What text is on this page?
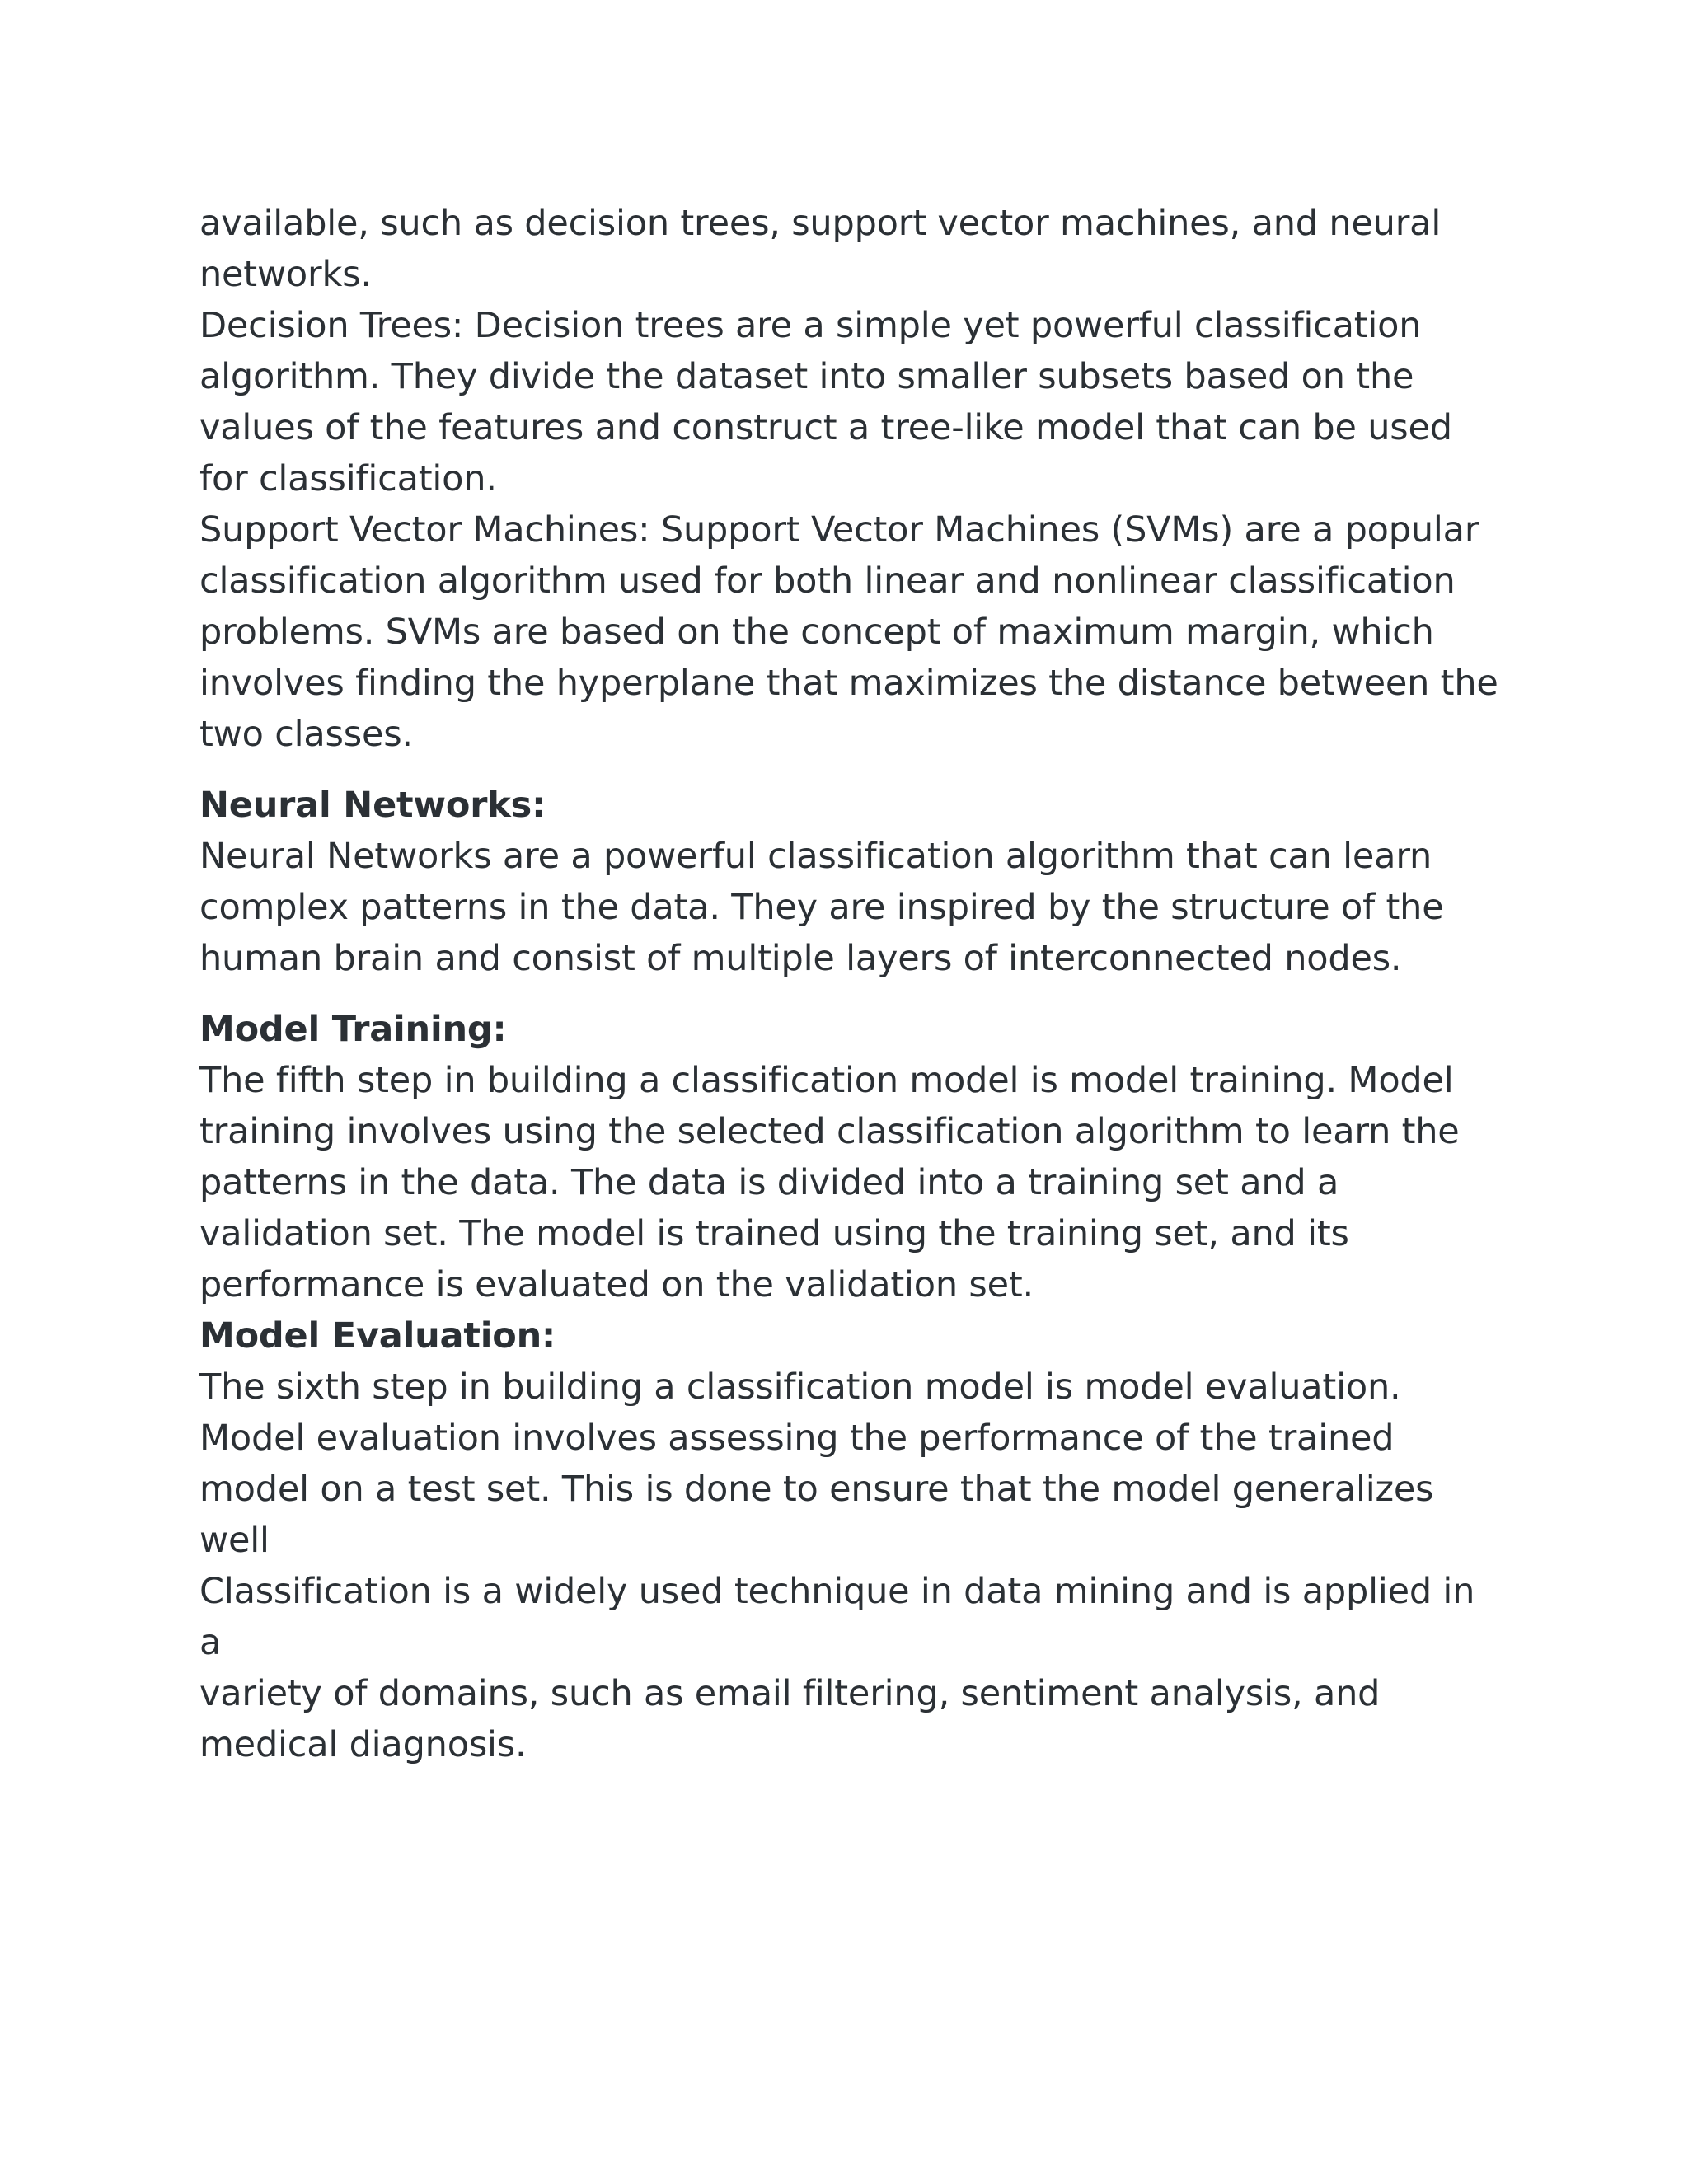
available, such as decision trees, support vector machines, and neural
networks.

Decision Trees: Decision trees are a simple yet powerful classification
algorithm. They divide the dataset into smaller subsets based on the
values of the features and construct a tree-like model that can be used
for classification.

Support Vector Machines: Support Vector Machines (SVMs) are a popular
classification algorithm used for both linear and nonlinear classification
problems. SVMs are based on the concept of maximum margin, which
involves finding the hyperplane that maximizes the distance between the
two classes.

Neural Networks:

Neural Networks are a powerful classification algorithm that can learn
complex patterns in the data. They are inspired by the structure of the
human brain and consist of multiple layers of interconnected nodes.

Model Training:

The fifth step in building a classification model is model training. Model
training involves using the selected classification algorithm to learn the
patterns in the data. The data is divided into a training set and a
validation set. The model is trained using the training set, and its
performance is evaluated on the validation set.

Model Evaluation:

The sixth step in building a classification model is model evaluation.
Model evaluation involves assessing the performance of the trained
model on a test set. This is done to ensure that the model generalizes
well

Classification is a widely used technique in data mining and is applied in a
variety of domains, such as email filtering, sentiment analysis, and
medical diagnosis.
